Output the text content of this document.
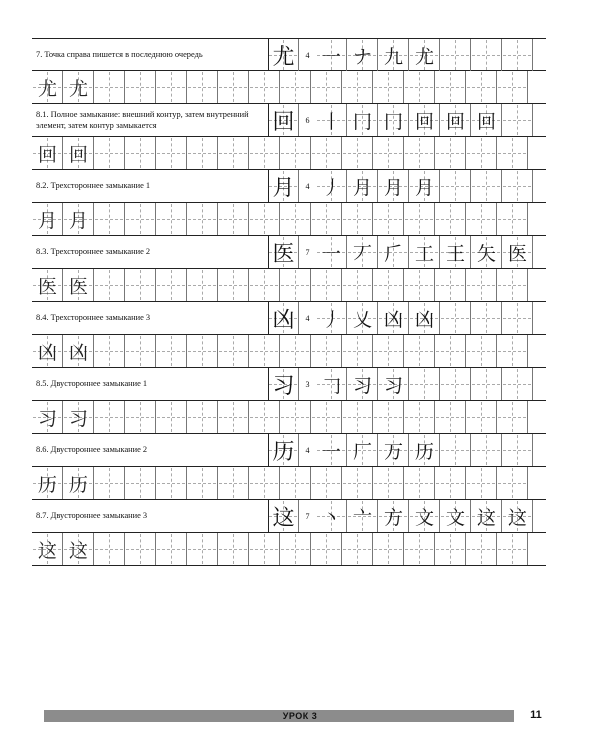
7. Точка справа пишется в последнюю очередь	尤	4 一 ナ 九 尤
尤 尤
8.1. Полное замыкание: внешний контур, затем внутренний элемент, затем контур замыкается	回	6 丨 冂 冂 回 回 回
回 回
8.2. Трехстороннее замыкание 1	月	4 丿 月 月 月
月 月
8.3. Трехстороннее замыкание 2	医	7 一 丆 𠂆 工 王 矢 医
医 医
8.4. Трехстороннее замыкание 3	凶	4 丿 乂 凶 凶
凶 凶
8.5. Двустороннее замыкание 1	习	3 𠃌 习 习
习 习
8.6. Двустороннее замыкание 2	历	4 一 厂 万 历
历 历
8.7. Двустороннее замыкание 3	这	7 丶 亠 方 文 文 这 这
这 这
УРОК 3	11
